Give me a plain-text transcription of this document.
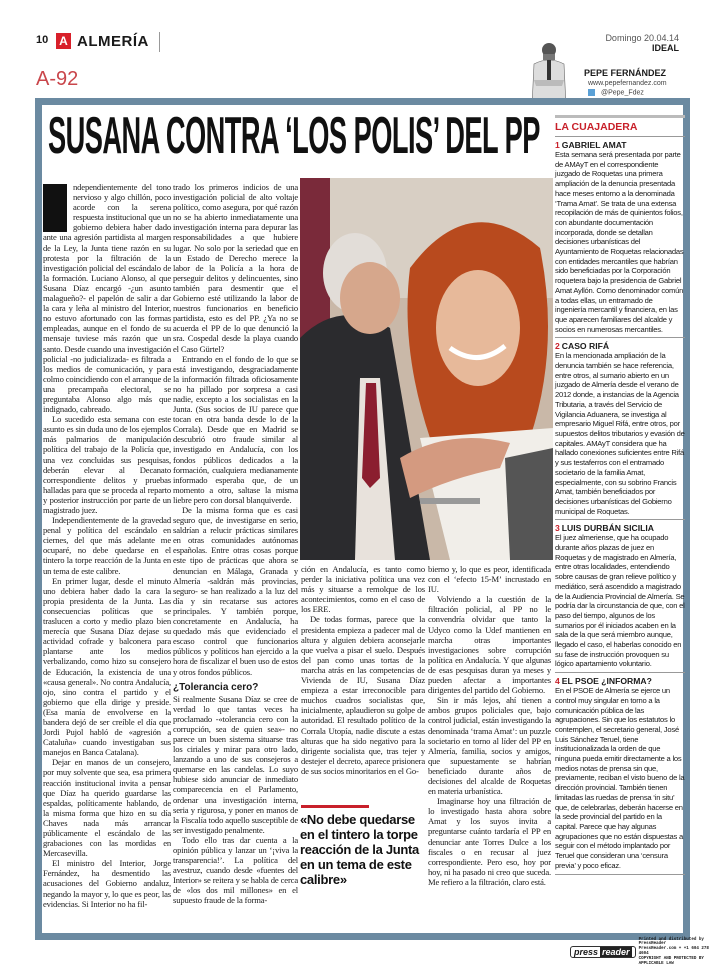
10 A ALMERÍA	Domingo 20.04.14
IDEAL
A-92	PEPE FERNÁNDEZ
www.pepefernandez.com
@Pepe_Fdez
SUSANA CONTRA ‘LOS POLIS’ DEL PP

ndependientemente del tono nervioso y algo chillón, poco acorde con la serena respuesta institucional que un gobierno debiera haber dado ante una agresión partidista al margen de la Ley, la Junta tiene razón en su protesta por la filtración de la investigación policial del escándalo de la formación. Luciano Alonso, al que Susana Díaz encargó -¿un asunto malagueño?- el papelón de salir a dar la cara y leña al ministro del Interior, no estuvo afortunado con las formas empleadas, aunque en el fondo de su mensaje tuviese más razón que un santo. Desde cuando una investigación policial -no judicializada- es filtrada a los medios de comunicación, y para colmo coincidiendo con el arranque de una precampaña electoral, se preguntaba Alonso algo más que indignado, cabreado.

Lo sucedido esta semana con este asunto es sin duda uno de los ejemplos más palmarios de manipulación política del trabajo de la Policía que, una vez concluidas sus pesquisas, deberán elevar al Decanato correspondiente delitos y pruebas halladas para que se proceda al reparto y posterior instrucción por parte de un magistrado juez.

Independientemente de la gravedad penal y política del escándalo en ciernes, del que más adelante me ocuparé, no debe quedarse en el tintero la torpe reacción de la Junta en un tema de este calibre.

En primer lugar, desde el minuto uno debiera haber dado la cara la propia presidenta de la Junta. Las consecuencias políticas que se traslucen a corto y medio plazo bien merecía que Susana Díaz dejase su actividad cofrade y balconera para plantarse ante los medios verbalizando, como hizo su consejero de Educación, la existencia de una «causa general». No contra Andalucía, ojo, sino contra el partido y el gobierno que ella dirige y preside. (Esa manía de envolverse en la bandera dejó de ser creíble el día que Jordi Pujol habló de «agresión a Cataluña» cuando investigaban sus manejos en Banca Catalana).

Dejar en manos de un consejero, por muy solvente que sea, esa primera reacción institucional invita a pensar que Díaz ha querido guardarse las espaldas, políticamente hablando, de la misma forma que hizo en su día Chaves nada más arrancar públicamente el escándalo de las grabaciones con las mordidas en Mercasevilla.

El ministro del Interior, Jorge Fernández, ha desmentido las acusaciones del Gobierno andaluz, negando la mayor y, lo que es peor, las evidencias. Si Interior no ha fil-

trado los primeros indicios de una investigación policial de alto voltaje político, como asegura, por qué razón no se ha abierto inmediatamente una investigación interna para depurar las responsabilidades a que hubiere lugar. No solo por la seriedad que en un Estado de Derecho merece la labor de la Policía a la hora de perseguir delitos y delincuentes, sino también para desmentir que el Gobierno esté utilizando la labor de nuestros funcionarios en beneficio partidista, esto es del PP. ¿Ya no se acuerda el PP de lo que denunció la sra. Cospedal desde la playa cuando el Caso Gürtel?

Entrando en el fondo de lo que se está investigando, desgraciadamente la información filtrada oficiosamente no ha pillado por sorpresa a casi nadie, excepto a los socialistas en la Junta. (Sus socios de IU parece que tocan en otra banda desde lo de la Corrala). Desde que en Madrid se descubrió otro fraude similar al investigado en Andalucía, con los fondos públicos dedicados a la formación, cualquiera medianamente informado esperaba que, de un momento a otro, saltase la misma liebre pero con dorsal blanquiverde.

De la misma forma que es casi seguro que, de investigarse en serio, saldrían a relucir prácticas similares en otras comunidades autónomas españolas. Entre otras cosas porque este tipo de prácticas que ahora se denuncian en Málaga, Granada y Almería -saldrán más provincias, seguro- se han realizado a la luz del día y sin recatarse sus actores principales. Y también porque, concretamente en Andalucía, ha quedado más que evidenciado el escaso control que funcionarios públicos y políticos han ejercido a la hora de fiscalizar el buen uso de estos y otros fondos públicos.

¿Tolerancia cero?

Si realmente Susana Díaz se cree de verdad lo que tantas veces ha proclamado -«tolerancia cero con la corrupción, sea de quien sea»- no parece un buen sistema situarse tras los ciriales y mirar para otro lado, lanzando a uno de sus consejeros a quemarse en las candelas. Lo suyo hubiese sido anunciar de inmediato comparecencia en el Parlamento, ordenar una investigación interna, seria y rigurosa, y poner en manos de la Fiscalía todo aquello susceptible de ser investigado penalmente.

Todo ello tras dar cuenta a la opinión pública y lanzar un ‘¡viva la transparencia!’. La política del avestruz, cuando desde «fuentes del Interior» se reitera y se habla de cerca de «los dos mil millones» en el supuesto fraude de la forma-

ción en Andalucía, es tanto como perder la iniciativa política una vez más y situarse a remolque de los acontecimientos, como en el caso de los ERE.

De todas formas, parece que la presidenta empieza a padecer mal de altura y alguien debiera aconsejarle que vuelva a pisar el suelo. Después del pan como unas tortas de la marcha atrás en las competencias de Vivienda de IU, Susana Díaz empieza a estar irreconocible para muchos cuadros socialistas que, inicialmente, aplaudieron su golpe de autoridad. El resultado político de la Corrala Utopía, nadie discute a estas alturas que ha sido negativo para la dirigente socialista que, tras tejer y destejer el decreto, aparece prisionera de sus socios minoritarios en el Go-

«No debe quedarse en el tintero la torpe reacción de la Junta en un tema de este calibre»

bierno y, lo que es peor, identificada con el ‘efecto 15-M’ incrustado en IU.

Volviendo a la cuestión de la filtración policial, al PP no le convendría olvidar que tanto la Udyco como la Udef mantienen en marcha otras importantes investigaciones sobre corrupción política en Andalucía. Y que algunas de esas pesquisas duran ya meses y pueden afectar a importantes dirigentes del partido del Gobierno.

Sin ir más lejos, ahí tienen a ambos grupos policiales que, bajo control judicial, están investigando la denominada ‘trama Amat’: un puzzle societario en torno al líder del PP en Almería, familia, socios y amigos, que supuestamente se habrían beneficiado durante años de decisiones del alcalde de Roquetas en materia urbanística.

Imaginarse hoy una filtración de lo investigado hasta ahora sobre Amat y los suyos invita a preguntarse cuánto tardaría el PP en denunciar ante Torres Dulce a los fiscales o en recusar al juez correspondiente. Pero eso, hoy por hoy, ni ha pasado ni creo que suceda. Me refiero a la filtración, claro está.

LA CUAJADERA
1 GABRIEL AMAT
Esta semana será presentada por parte de AMAyT en el correspondiente juzgado de Roquetas una primera ampliación de la denuncia presentada hace meses entorno a la denominada ‘Trama Amat’. Se trata de una extensa recopilación de más de quinientos folios, con abundante documentación incorporada, donde se detallan decisiones urbanísticas del Ayuntamiento de Roquetas relacionadas con entidades mercantiles que habrían sido beneficiadas por la Corporación roquetera bajo la presidencia de Gabriel Amat Ayllón. Como denominador común a todas ellas, un entramado de ingeniería mercantil y financiera, en las que aparecen familiares del alcalde y socios en numerosas mercantiles.
2 CASO RIFÁ
En la mencionada ampliación de la denuncia también se hace referencia, entre otros, al sumario abierto en un juzgado de Almería desde el verano de 2012 donde, a instancias de la Agencia Tributaria, a través del Servicio de Vigilancia Aduanera, se investiga al empresario Miguel Rifá, entre otros, por supuestos delitos tributarios y evasión de capitales. AMAyT considera que ha hallado conexiones suficientes entre Rifá y sus testaferros con el entramado societario de la familia Amat, especialmente, con su sobrino Francis Amat, también beneficiados por decisiones urbanísticas del Gobierno municipal de Roquetas.
3 LUIS DURBÁN SICILIA
El juez almeriense, que ha ocupado durante años plazas de juez en Roquetas y de magistrado en Almería, entre otras localidades, entendiendo sobre causas de gran relieve político y mediático, será ascendido a magistrado de la Audiencia Provincial de Almería. Se podría dar la circunstancia de que, con el paso del tiempo, algunos de los sumarios por él iniciados acaben en la sala de la que será miembro aunque, llegado el caso, el haberlas conocido en su fase de instrucción provoquen su lógico apartamiento voluntario.
4 EL PSOE ¿INFORMA?
En el PSOE de Almería se ejerce un control muy singular en torno a la comunicación pública de las agrupaciones. Sin que los estatutos lo contemplen, el secretario general, José Luis Sánchez Teruel, tiene institucionalizada la orden de que ninguna pueda emitir directamente a los medios notas de prensa sin que, previamente, reciban el visto bueno de la dirección provincial. También tienen limitadas las ruedas de prensa ‘in situ’ que, de celebrarlas, deberán hacerse en la sede provincial del partido en la capital. Parece que hay algunas agrupaciones que no están dispuestas a seguir con el método implantado por Teruel que consideran una ‘censura previa’ y poco eficaz.
press reader
Printed and distributed by PressReader
PressReader.com + +1 604 278 4604
COPYRIGHT AND PROTECTED BY APPLICABLE LAW
